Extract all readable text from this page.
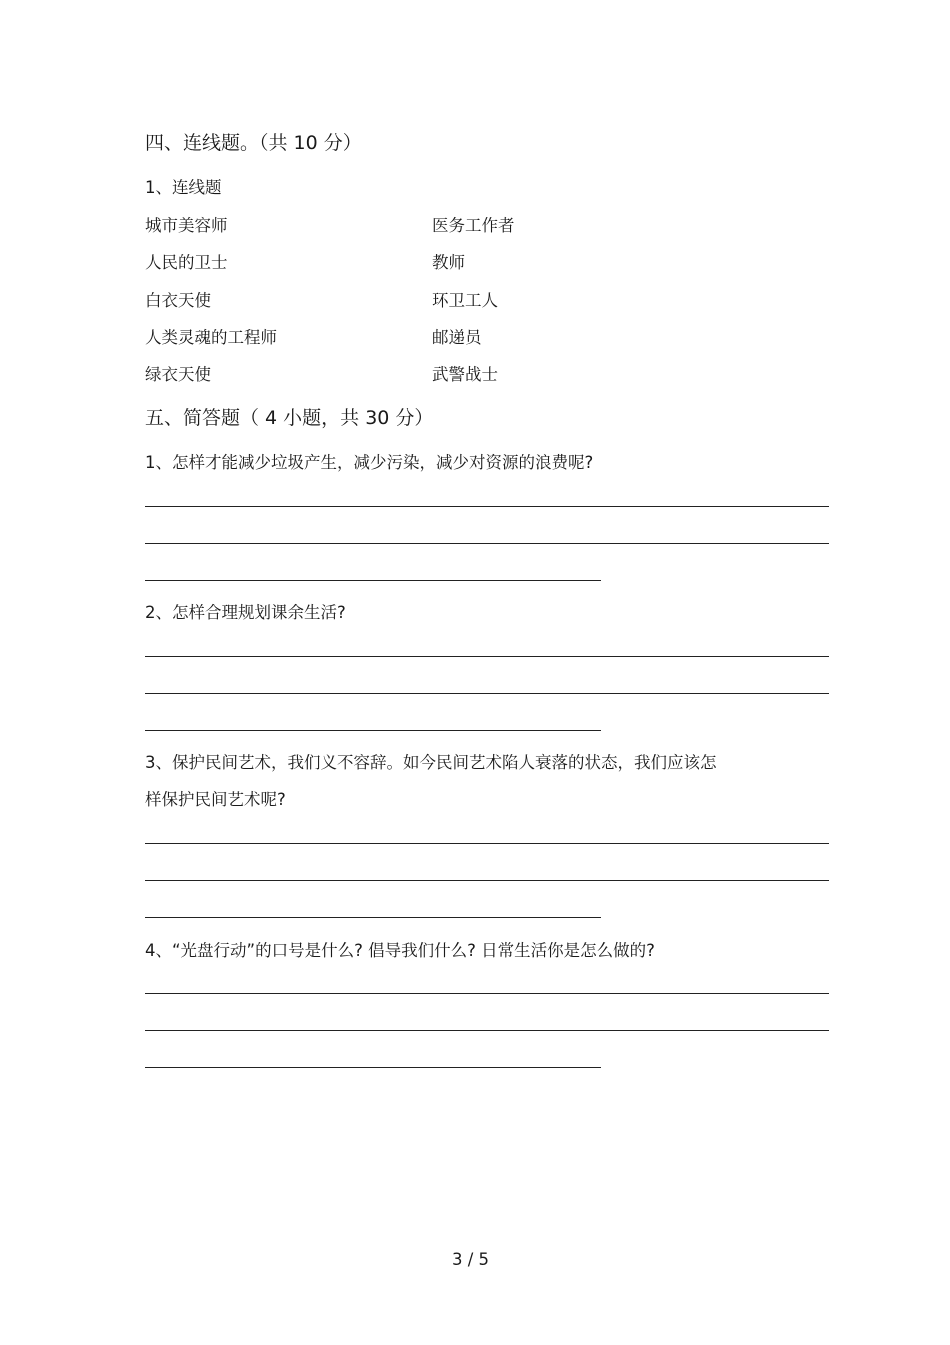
四、连线题。（共 10 分）
1、连线题
城市美容师	医务工作者
人民的卫士	教师
白衣天使	环卫工人
人类灵魂的工程师	邮递员
绿衣天使	武警战士
五、简答题（ 4 小题，共 30 分）
1、怎样才能减少垃圾产生，减少污染，减少对资源的浪费呢?
2、怎样合理规划课余生活?
3、保护民间艺术，我们义不容辞。如今民间艺术陷人衰落的状态，我们应该怎
样保护民间艺术呢?
4、“光盘行动”的口号是什么? 倡导我们什么? 日常生活你是怎么做的?
3 / 5
